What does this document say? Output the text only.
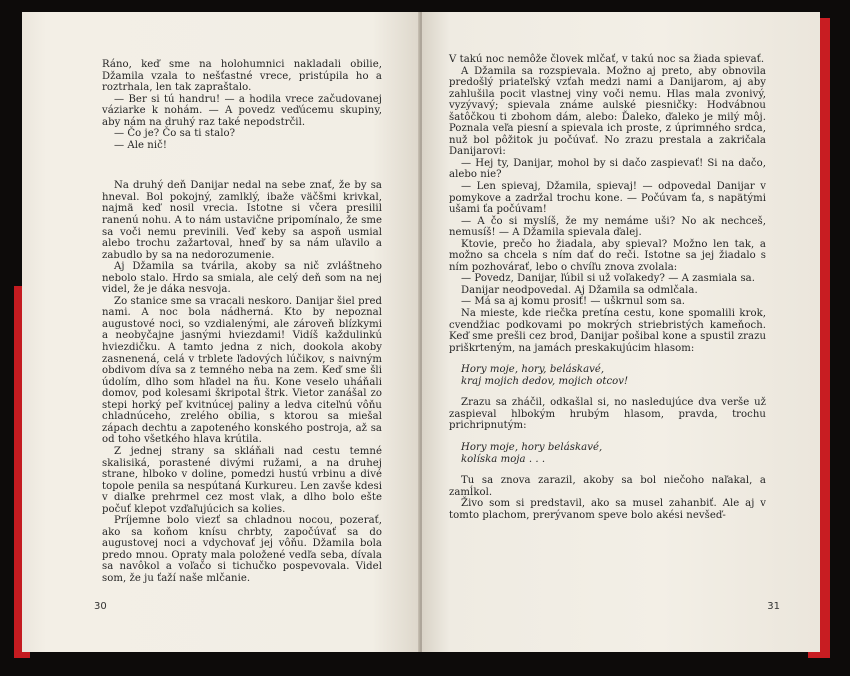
Ráno, keď sme na holohumnici nakladali obilie, Džamila vzala to nešťastné vrece, pristúpila ho a roztrhala, len tak zapraštalo.

— Ber si tú handru! — a hodila vrece začudovanej váziarke k nohám. — A povedz veďúcemu skupiny, aby nám na druhý raz také nepodstrčil.

— Čo je? Čo sa ti stalo?

— Ale nič!

Na druhý deň Danijar nedal na sebe znať, že by sa hneval. Bol pokojný, zamlklý, ibaže väčšmi krivkal, najmä keď nosil vrecia. Istotne si včera presilil ranenú nohu. A to nám ustavične pripomínalo, že sme sa voči nemu previnili. Veď keby sa aspoň usmial alebo trochu zažartoval, hneď by sa nám uľavilo a zabudlo by sa na nedorozumenie.

Aj Džamila sa tvárila, akoby sa nič zvláštneho nebolo stalo. Hrdo sa smiala, ale celý deň som na nej videl, že je dáka nesvoja.

Zo stanice sme sa vracali neskoro. Danijar šiel pred nami. A noc bola nádherná. Kto by nepoznal augustové noci, so vzdialenými, ale zároveň blízkymi a neobyčajne jasnými hviezdami! Vidíš každulinkú hviezdičku. A tamto jedna z nich, dookola akoby zasnenená, celá v trblete ľadových lúčikov, s naivným obdivom díva sa z temného neba na zem. Keď sme šli údolím, dlho som hľadel na ňu. Kone veselo uháňali domov, pod kolesami škripotal štrk. Vietor zanášal zo stepi horký peľ kvitnúcej paliny a ledva citeľnú vôňu chladnúceho, zrelého obilia, s ktorou sa miešal zápach dechtu a zapoteného konského postroja, až sa od toho všetkého hlava krútila.

Z jednej strany sa skláňali nad cestu temné skalisiká, porastené divými ružami, a na druhej strane, hlboko v doline, pomedzi hustú vrbinu a divé topole penila sa nespútaná Kurkureu. Len zavše kdesi v diaľke prehrmel cez most vlak, a dlho bolo ešte počuť klepot vzďaľujúcich sa kolies.

Príjemne bolo viezť sa chladnou nocou, pozerať, ako sa koňom knísu chrbty, započúvať sa do augustovej noci a vdychovať jej vôňu. Džamila bola predo mnou. Opraty mala položené vedľa seba, dívala sa navôkol a voľačo si tichučko pospevovala. Videl som, že ju ťaží naše mlčanie.

30

V takú noc nemôže človek mlčať, v takú noc sa žiada spievať.

A Džamila sa rozspievala. Možno aj preto, aby obnovila predošlý priateľský vzťah medzi nami a Danijarom, aj aby zahlušila pocit vlastnej viny voči nemu. Hlas mala zvonivý, vyzývavý; spievala známe aulské piesničky: Hodvábnou šatôčkou ti zbohom dám, alebo: Ďaleko, ďaleko je milý môj. Poznala veľa piesní a spievala ich proste, z úprimného srdca, nuž bol pôžitok ju počúvať. No zrazu prestala a zakričala Danijarovi:

— Hej ty, Danijar, mohol by si dačo zaspievať! Si na dačo, alebo nie?

— Len spievaj, Džamila, spievaj! — odpovedal Danijar v pomykove a zadržal trochu kone. — Počúvam ťa, s napätými ušami ťa počúvam!

— A čo si myslíš, že my nemáme uši? No ak nechceš, nemusíš! — A Džamila spievala ďalej.

Ktovie, prečo ho žiadala, aby spieval? Možno len tak, a možno sa chcela s ním dať do reči. Istotne sa jej žiadalo s ním pozhovárať, lebo o chvíľu znova zvolala:

— Povedz, Danijar, ľúbil si už voľakedy? — A zasmiala sa.

Danijar neodpovedal. Aj Džamila sa odmlčala.

— Má sa aj komu prosiť! — uškrnul som sa.

Na mieste, kde riečka pretína cestu, kone spomalili krok, cvendžiac podkovami po mokrých striebristých kameňoch. Keď sme prešli cez brod, Danijar pošibal kone a spustil zrazu priškrteným, na jamách preskakujúcim hlasom:

Hory moje, hory, beláskavé,
kraj mojich dedov, mojich otcov!

Zrazu sa zháčil, odkašlal si, no nasledujúce dva verše už zaspieval hlbokým hrubým hlasom, pravda, trochu prichripnutým:

Hory moje, hory beláskavé,
kolíska moja . . .

Tu sa znova zarazil, akoby sa bol niečoho naľakal, a zamĺkol.

Živo som si predstavil, ako sa musel zahanbiť. Ale aj v tomto plachom, prerývanom speve bolo akési nevšeď-

31
